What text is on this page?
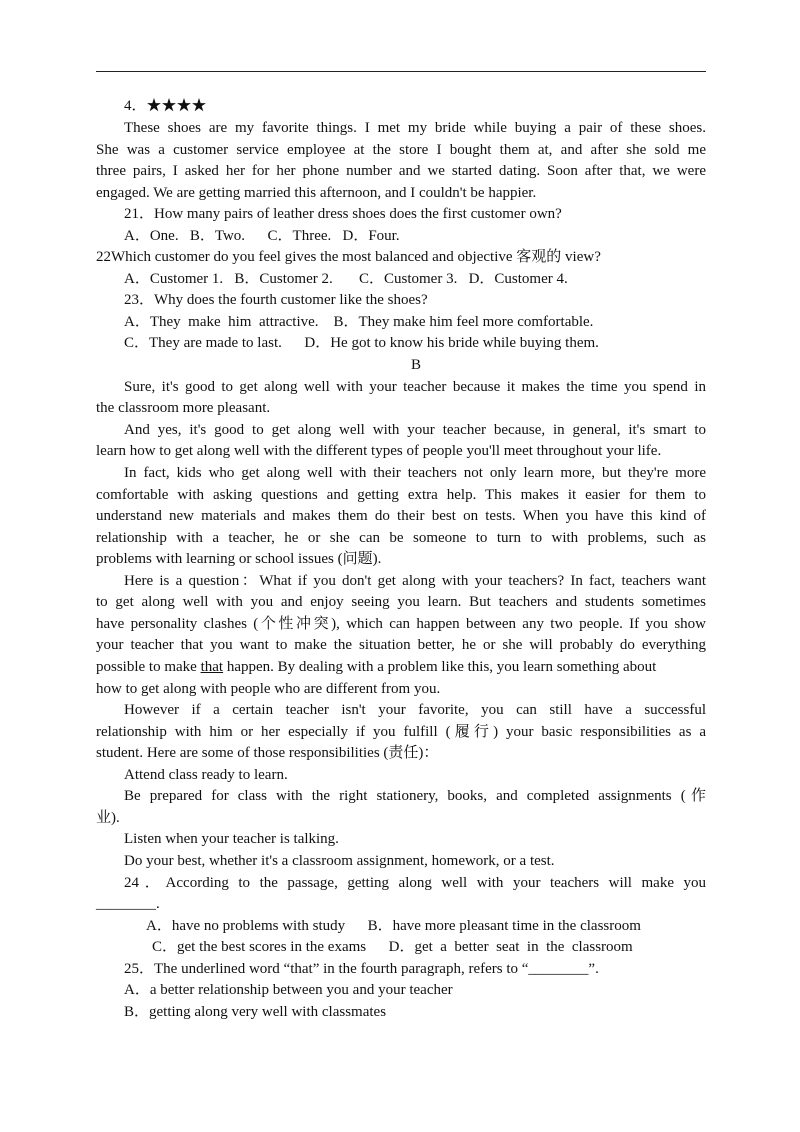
4．★★★★
These shoes are my favorite things. I met my bride while buying a pair of these shoes.
She was a customer service employee at the store I bought them at, and after she sold me
three pairs, I asked her for her phone number and we started dating. Soon after that, we were
engaged. We are getting married this afternoon, and I couldn't be happier.
21．How many pairs of leather dress shoes does the first customer own?
A．One.   B．Two.      C．Three.   D．Four.
22Which customer do you feel gives the most balanced and objective 客观的 view?
A．Customer 1.   B．Customer 2.       C．Customer 3.   D．Customer 4.
23．Why does the fourth customer like the shoes?
A．They  make  him  attractive.    B．They make him feel more comfortable.
C．They are made to last.      D．He got to know his bride while buying them.
B
Sure, it's good to get along well with your teacher because it makes the time you spend in
the classroom more pleasant.
And yes, it's good to get along well with your teacher because, in general, it's smart to
learn how to get along well with the different types of people you'll meet throughout your life.
In fact, kids who get along well with their teachers not only learn more, but they're more
comfortable with asking questions and getting extra help. This makes it easier for them to
understand new materials and makes them do their best on tests. When you have this kind of
relationship with a teacher, he or she can be someone to turn to with problems, such as
problems with learning or school issues (问题).
Here is a question：What if you don't get along with your teachers? In fact, teachers want
to get along well with you and enjoy seeing you learn. But teachers and students sometimes
have personality clashes (个性冲突), which can happen between any two people. If you show
your teacher that you want to make the situation better, he or she will probably do everything
possible to make that happen. By dealing with a problem like this, you learn something about
how to get along with people who are different from you.
However if a certain teacher isn't your favorite, you can still have a successful
relationship with him or her especially if you fulfill (履行) your basic responsibilities as a
student. Here are some of those responsibilities (责任)：
Attend class ready to learn.
Be prepared for class with the right stationery, books, and completed assignments (作
业).
Listen when your teacher is talking.
Do your best, whether it's a classroom assignment, homework, or a test.
24．According to the passage, getting along well with your teachers will make you
________.
A．have no problems with study      B．have more pleasant time in the classroom
C．get the best scores in the exams      D．get  a  better  seat  in  the  classroom
25．The underlined word “that” in the fourth paragraph, refers to “________”.
A．a better relationship between you and your teacher
B．getting along very well with classmates
